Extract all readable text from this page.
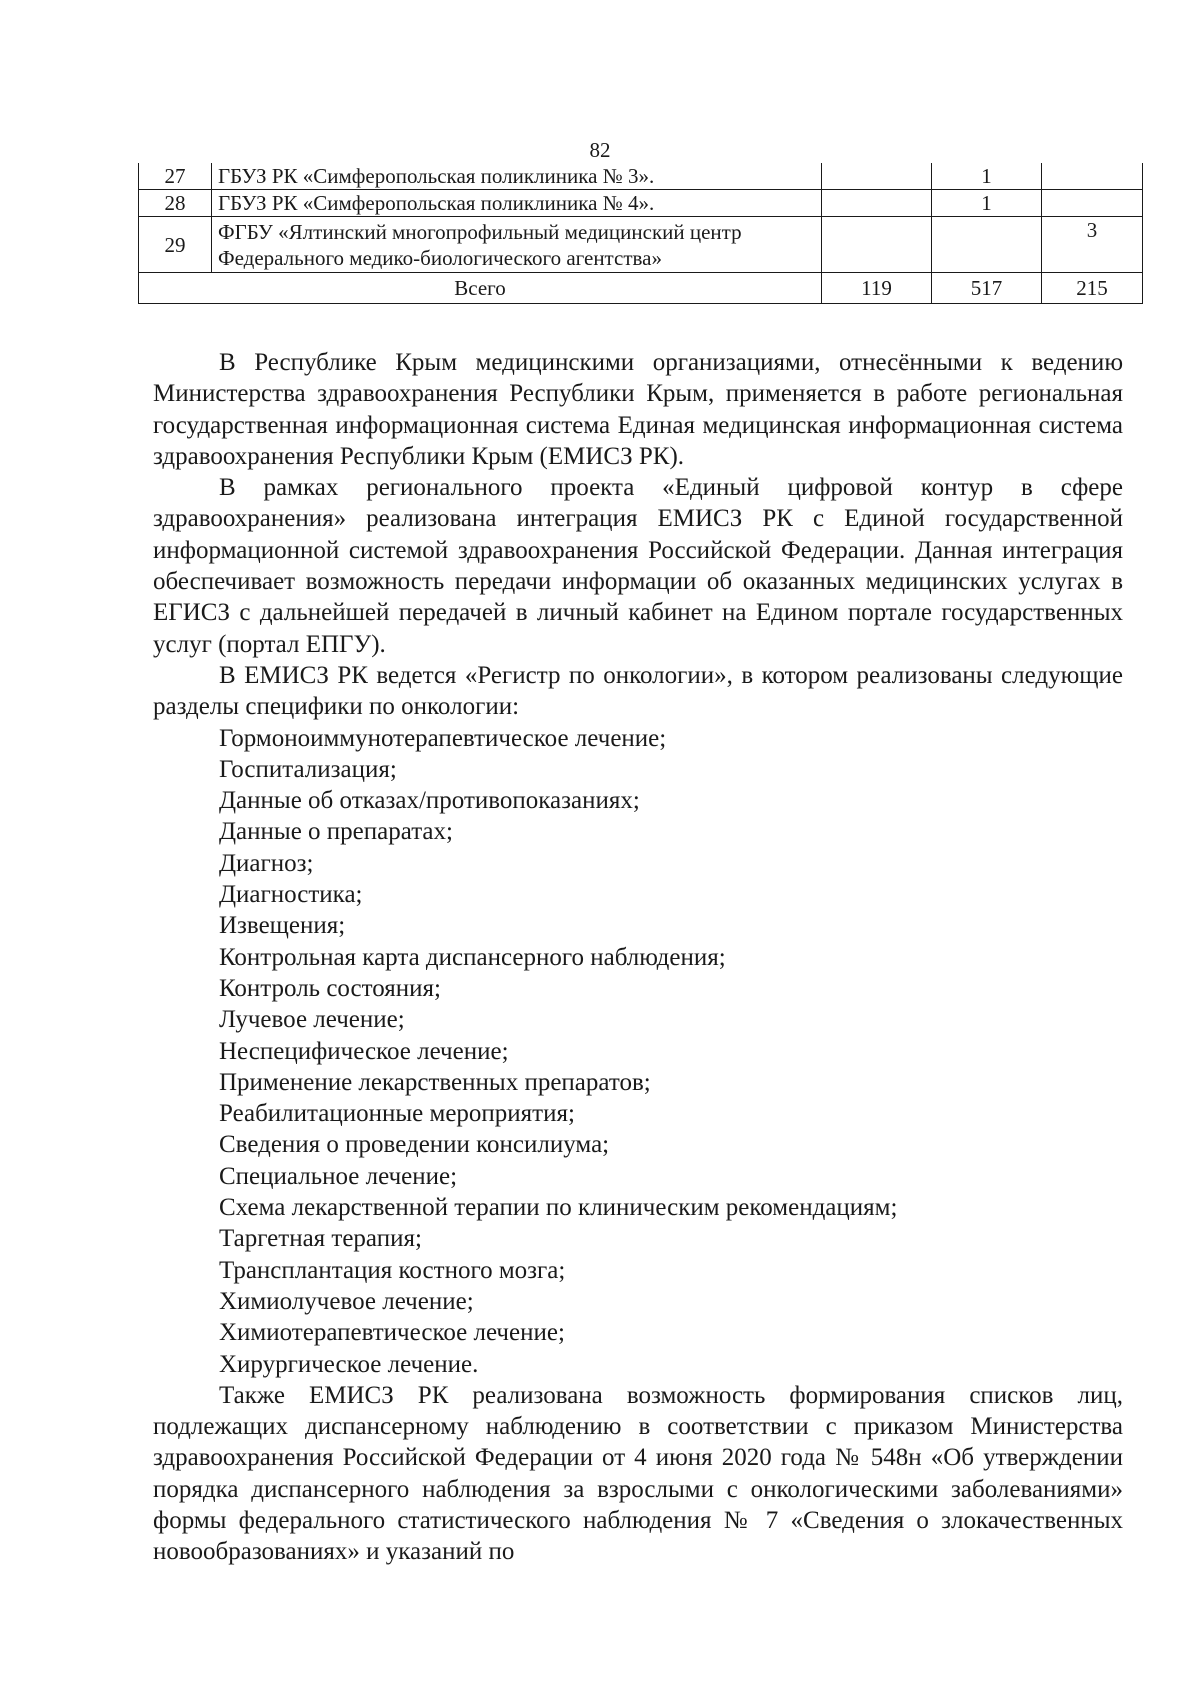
82
27	ГБУЗ РК «Симферопольская поликлиника № 3».		1	
28	ГБУЗ РК «Симферопольская поликлиника № 4».		1	
29	ФГБУ «Ялтинский многопрофильный медицинский центр Федерального медико-биологического агентства»			3
Всего		119	517	215

В Республике Крым медицинскими организациями, отнесёнными к ведению Министерства здравоохранения Республики Крым, применяется в работе региональная государственная информационная система Единая медицинская информационная система здравоохранения Республики Крым (ЕМИСЗ РК).

В рамках регионального проекта «Единый цифровой контур в сфере здравоохранения» реализована интеграция ЕМИСЗ РК с Единой государственной информационной системой здравоохранения Российской Федерации. Данная интеграция обеспечивает возможность передачи информации об оказанных медицинских услугах в ЕГИСЗ с дальнейшей передачей в личный кабинет на Едином портале государственных услуг (портал ЕПГУ).

В ЕМИСЗ РК ведется «Регистр по онкологии», в котором реализованы следующие разделы специфики по онкологии:

Гормоноиммунотерапевтическое лечение;
Госпитализация;
Данные об отказах/противопоказаниях;
Данные о препаратах;
Диагноз;
Диагностика;
Извещения;
Контрольная карта диспансерного наблюдения;
Контроль состояния;
Лучевое лечение;
Неспецифическое лечение;
Применение лекарственных препаратов;
Реабилитационные мероприятия;
Сведения о проведении консилиума;
Специальное лечение;
Схема лекарственной терапии по клиническим рекомендациям;
Таргетная терапия;
Трансплантация костного мозга;
Химиолучевое лечение;
Химиотерапевтическое лечение;
Хирургическое лечение.

Также ЕМИСЗ РК реализована возможность формирования списков лиц, подлежащих диспансерному наблюдению в соответствии с приказом Министерства здравоохранения Российской Федерации от 4 июня 2020 года № 548н «Об утверждении порядка диспансерного наблюдения за взрослыми с онкологическими заболеваниями» формы федерального статистического наблюдения № 7 «Сведения о злокачественных новообразованиях» и указаний по
